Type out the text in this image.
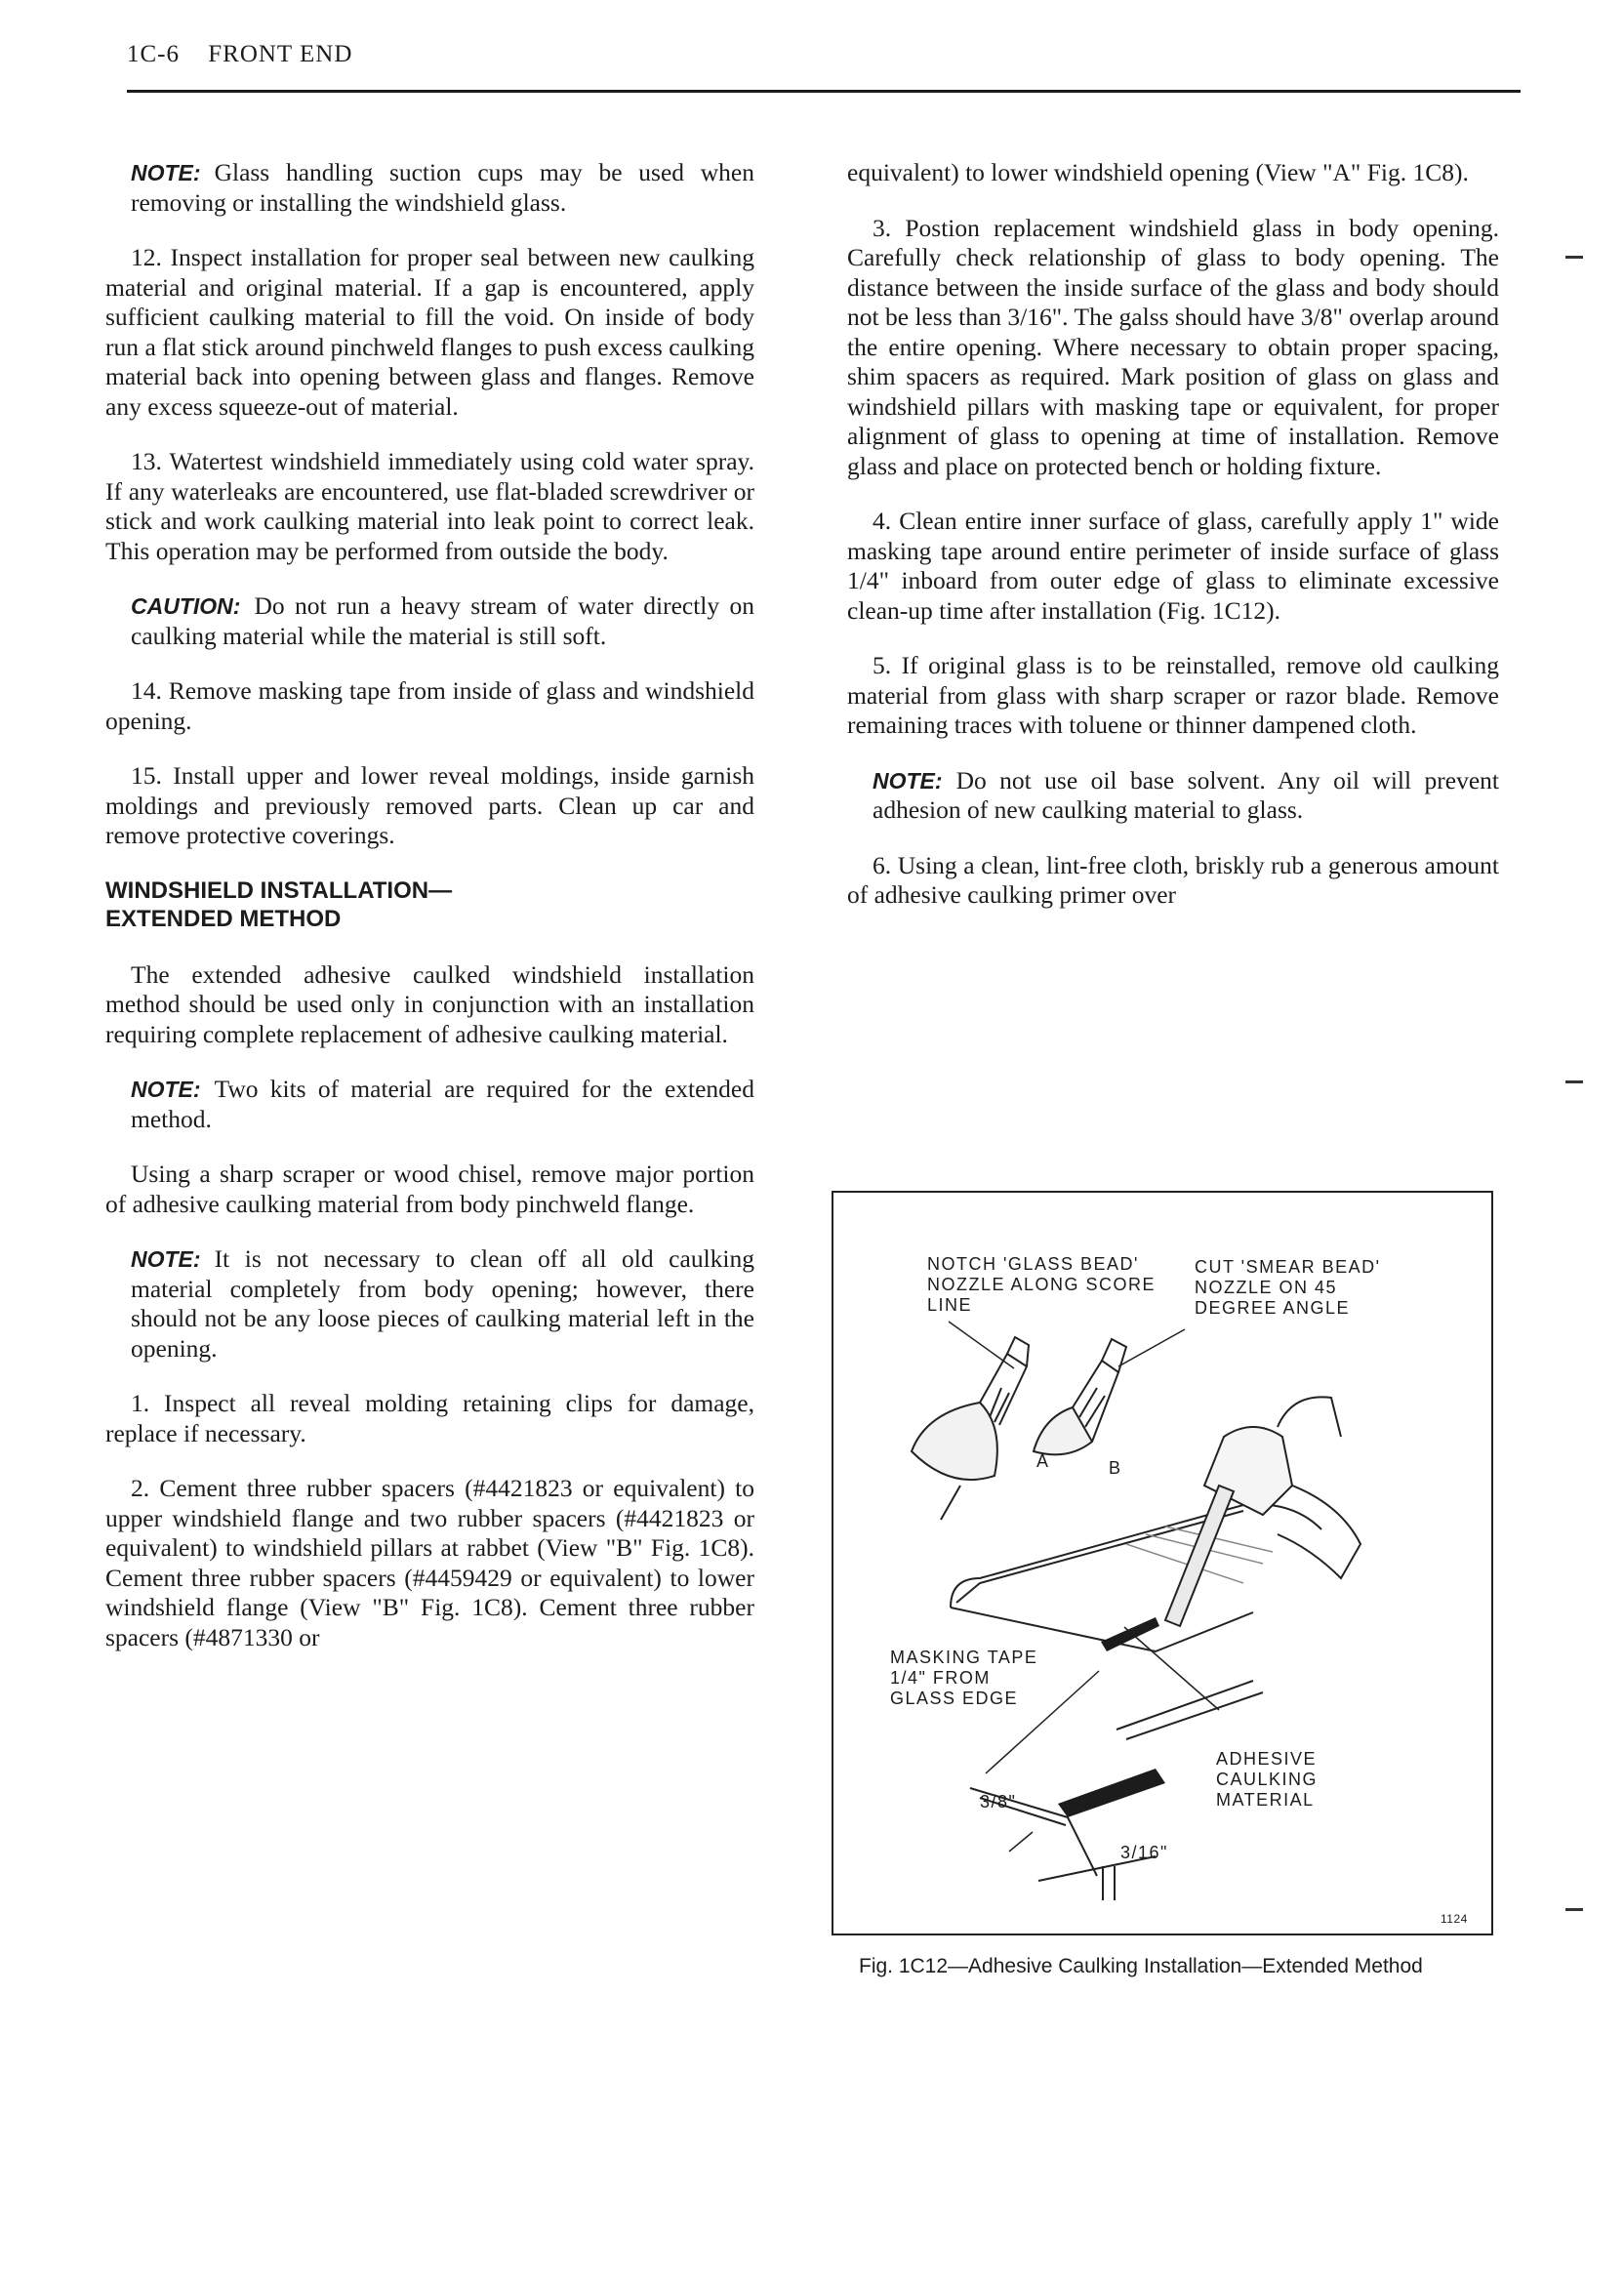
1C-6 FRONT END

NOTE: Glass handling suction cups may be used when removing or installing the windshield glass.

12. Inspect installation for proper seal between new caulking material and original material. If a gap is encountered, apply sufficient caulking material to fill the void. On inside of body run a flat stick around pinchweld flanges to push excess caulking material back into opening between glass and flanges. Remove any excess squeeze-out of material.

13. Watertest windshield immediately using cold water spray. If any waterleaks are encountered, use flat-bladed screwdriver or stick and work caulking material into leak point to correct leak. This operation may be performed from outside the body.

CAUTION: Do not run a heavy stream of water directly on caulking material while the material is still soft.

14. Remove masking tape from inside of glass and windshield opening.

15. Install upper and lower reveal moldings, inside garnish moldings and previously removed parts. Clean up car and remove protective coverings.

WINDSHIELD INSTALLATION—
EXTENDED METHOD

The extended adhesive caulked windshield installation method should be used only in conjunction with an installation requiring complete replacement of adhesive caulking material.

NOTE: Two kits of material are required for the extended method.

Using a sharp scraper or wood chisel, remove major portion of adhesive caulking material from body pinchweld flange.

NOTE: It is not necessary to clean off all old caulking material completely from body opening; however, there should not be any loose pieces of caulking material left in the opening.

1. Inspect all reveal molding retaining clips for damage, replace if necessary.

2. Cement three rubber spacers (#4421823 or equivalent) to upper windshield flange and two rubber spacers (#4421823 or equivalent) to windshield pillars at rabbet (View "B" Fig. 1C8). Cement three rubber spacers (#4459429 or equivalent) to lower windshield flange (View "B" Fig. 1C8). Cement three rubber spacers (#4871330 or

equivalent) to lower windshield opening (View "A" Fig. 1C8).

3. Postion replacement windshield glass in body opening. Carefully check relationship of glass to body opening. The distance between the inside surface of the glass and body should not be less than 3/16". The galss should have 3/8" overlap around the entire opening. Where necessary to obtain proper spacing, shim spacers as required. Mark position of glass on glass and windshield pillars with masking tape or equivalent, for proper alignment of glass to opening at time of installation. Remove glass and place on protected bench or holding fixture.

4. Clean entire inner surface of glass, carefully apply 1" wide masking tape around entire perimeter of inside surface of glass 1/4" inboard from outer edge of glass to eliminate excessive clean-up time after installation (Fig. 1C12).

5. If original glass is to be reinstalled, remove old caulking material from glass with sharp scraper or razor blade. Remove remaining traces with toluene or thinner dampened cloth.

NOTE: Do not use oil base solvent. Any oil will prevent adhesion of new caulking material to glass.

6. Using a clean, lint-free cloth, briskly rub a generous amount of adhesive caulking primer over

NOTCH 'GLASS BEAD'
NOZZLE ALONG SCORE
LINE
CUT 'SMEAR BEAD'
NOZZLE ON 45
DEGREE ANGLE
A	B
MASKING TAPE
1/4" FROM
GLASS EDGE
ADHESIVE
CAULKING
MATERIAL
3/8"
3/16"
1124
Fig. 1C12—Adhesive Caulking Installation—Extended Method
